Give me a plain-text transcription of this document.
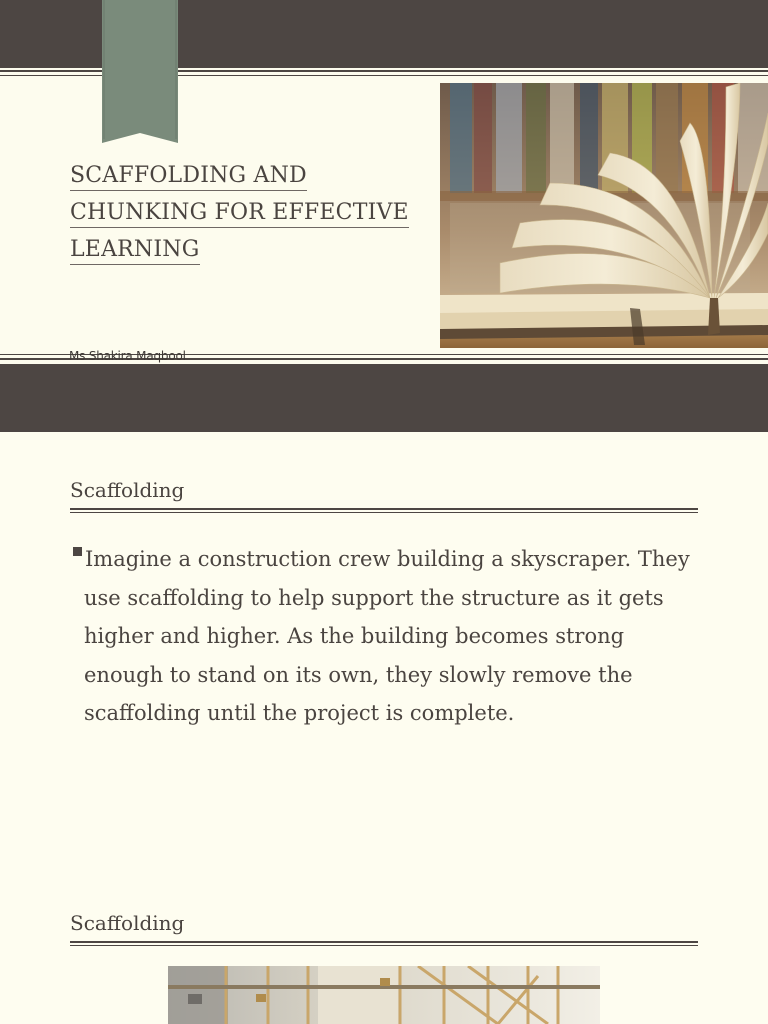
SCAFFOLDING AND
CHUNKING FOR EFFECTIVE
LEARNING
Ms Shakira Maqbool
Scaffolding
Imagine a construction crew building a skyscraper. They use scaffolding to help support the structure as it gets higher and higher. As the building becomes strong enough to stand on its own, they slowly remove the scaffolding until the project is complete.
Scaffolding
